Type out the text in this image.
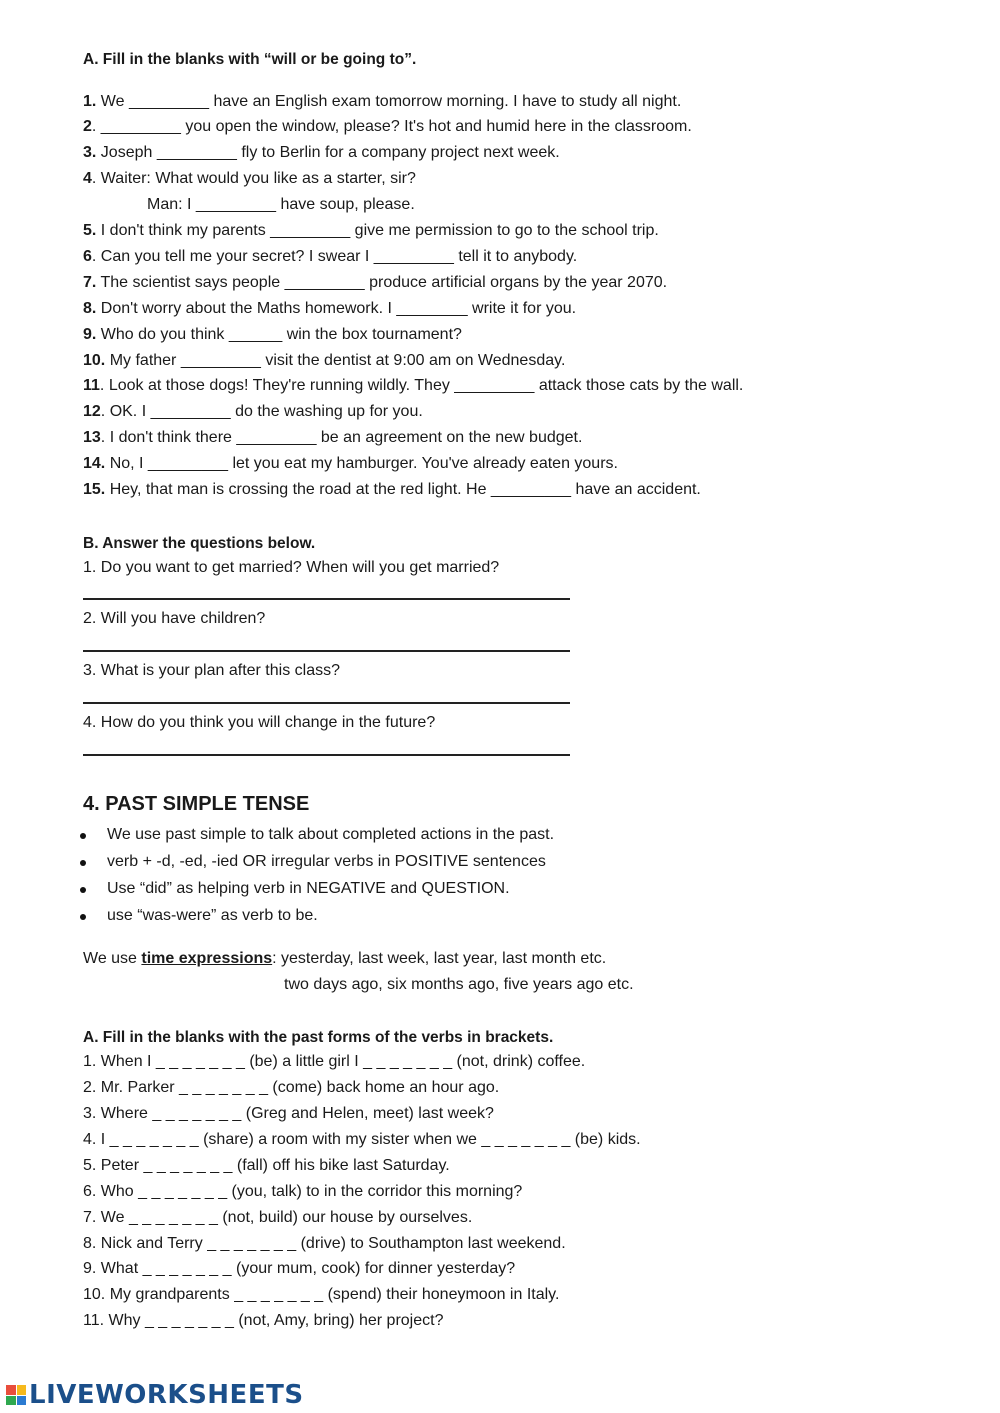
A. Fill in the blanks with “will or be going to”.
1. We _________ have an English exam tomorrow morning. I have to study all night.
2. _________ you open the window, please? It's hot and humid here in the classroom.
3. Joseph _________ fly to Berlin for a company project next week.
4. Waiter: What would you like as a starter, sir?
Man: I _________ have soup, please.
5. I don't think my parents _________ give me permission to go to the school trip.
6. Can you tell me your secret? I swear I _________ tell it to anybody.
7. The scientist says people _________ produce artificial organs by the year 2070.
8. Don't worry about the Maths homework. I ________ write it for you.
9. Who do you think ______ win the box tournament?
10. My father _________ visit the dentist at 9:00 am on Wednesday.
11. Look at those dogs! They're running wildly. They _________ attack those cats by the wall.
12. OK. I _________ do the washing up for you.
13. I don't think there _________ be an agreement on the new budget.
14. No, I _________ let you eat my hamburger. You've already eaten yours.
15. Hey, that man is crossing the road at the red light. He _________ have an accident.
B. Answer the questions below.
1. Do you want to get married? When will you get married?
2. Will you have children?
3. What is your plan after this class?
4. How do you think you will change in the future?
4. PAST SIMPLE TENSE
We use past simple to talk about completed actions in the past.
verb + -d, -ed, -ied OR irregular verbs in POSITIVE sentences
Use “did” as helping verb in NEGATIVE and QUESTION.
use “was-were” as verb to be.
We use time expressions: yesterday, last week, last year, last month etc.
two days ago, six months ago, five years ago etc.
A. Fill in the blanks with the past forms of the verbs in brackets.
1. When I _ _ _ _ _ _ _ (be) a little girl I _ _ _ _ _ _ _ (not, drink) coffee.
2. Mr. Parker _ _ _ _ _ _ _ (come) back home an hour ago.
3. Where _ _ _ _ _ _ _ (Greg and Helen, meet) last week?
4. I _ _ _ _ _ _ _ (share) a room with my sister when we _ _ _ _ _ _ _ (be) kids.
5. Peter _ _ _ _ _ _ _ (fall) off his bike last Saturday.
6. Who _ _ _ _ _ _ _ (you, talk) to in the corridor this morning?
7. We _ _ _ _ _ _ _ (not, build) our house by ourselves.
8. Nick and Terry _ _ _ _ _ _ _ (drive) to Southampton last weekend.
9. What _ _ _ _ _ _ _ (your mum, cook) for dinner yesterday?
10. My grandparents _ _ _ _ _ _ _ (spend) their honeymoon in Italy.
11. Why _ _ _ _ _ _ _ (not, Amy, bring) her project?
LIVEWORKSHEETS
